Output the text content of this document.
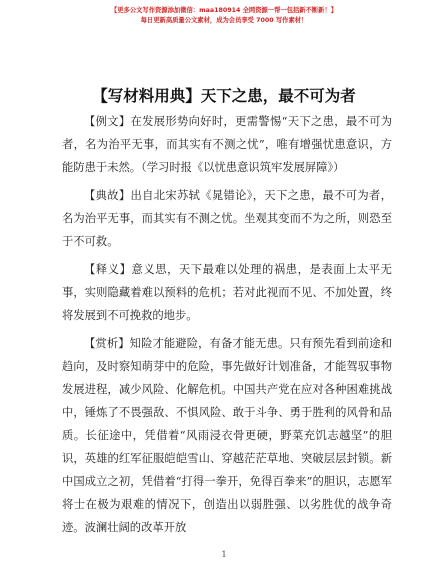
【更多公文写作资源添加微信：maa180914 全网资源一帮一包括新不断新！】
每日更新高质量公文素材，成为会员享受 7000 写作素材！
【写材料用典】天下之患，最不可为者

【例文】在发展形势向好时，更需警惕“天下之患，最不可为者，名为治平无事，而其实有不测之忧”，唯有增强忧患意识，方能防患于未然。（学习时报《以忧患意识筑牢发展屏障》）

【典故】出自北宋苏轼《晁错论》，天下之患，最不可为者，名为治平无事，而其实有不测之忧。坐观其变而不为之所，则恐至于不可救。

【释义】意义思，天下最难以处理的祸患，是表面上太平无事，实则隐藏着难以预料的危机；若对此视而不见、不加处置，终将发展到不可挽救的地步。

【赏析】知险才能避险，有备才能无患。只有预先看到前途和趋向，及时察知萌芽中的危险，事先做好计划准备，才能驾驭事物发展进程，减少风险、化解危机。中国共产党在应对各种困难挑战中，锤炼了不畏强敌、不惧风险、敢于斗争、勇于胜利的风骨和品质。长征途中，凭借着“风雨浸衣骨更硬，野菜充饥志越坚”的胆识，英雄的红军征服皑皑雪山、穿越茫茫草地、突破层层封锁。新中国成立之初，凭借着“打得一拳开，免得百拳来”的胆识，志愿军将士在极为艰难的情况下，创造出以弱胜强、以劣胜优的战争奇迹。波澜壮阔的改革开放

1
